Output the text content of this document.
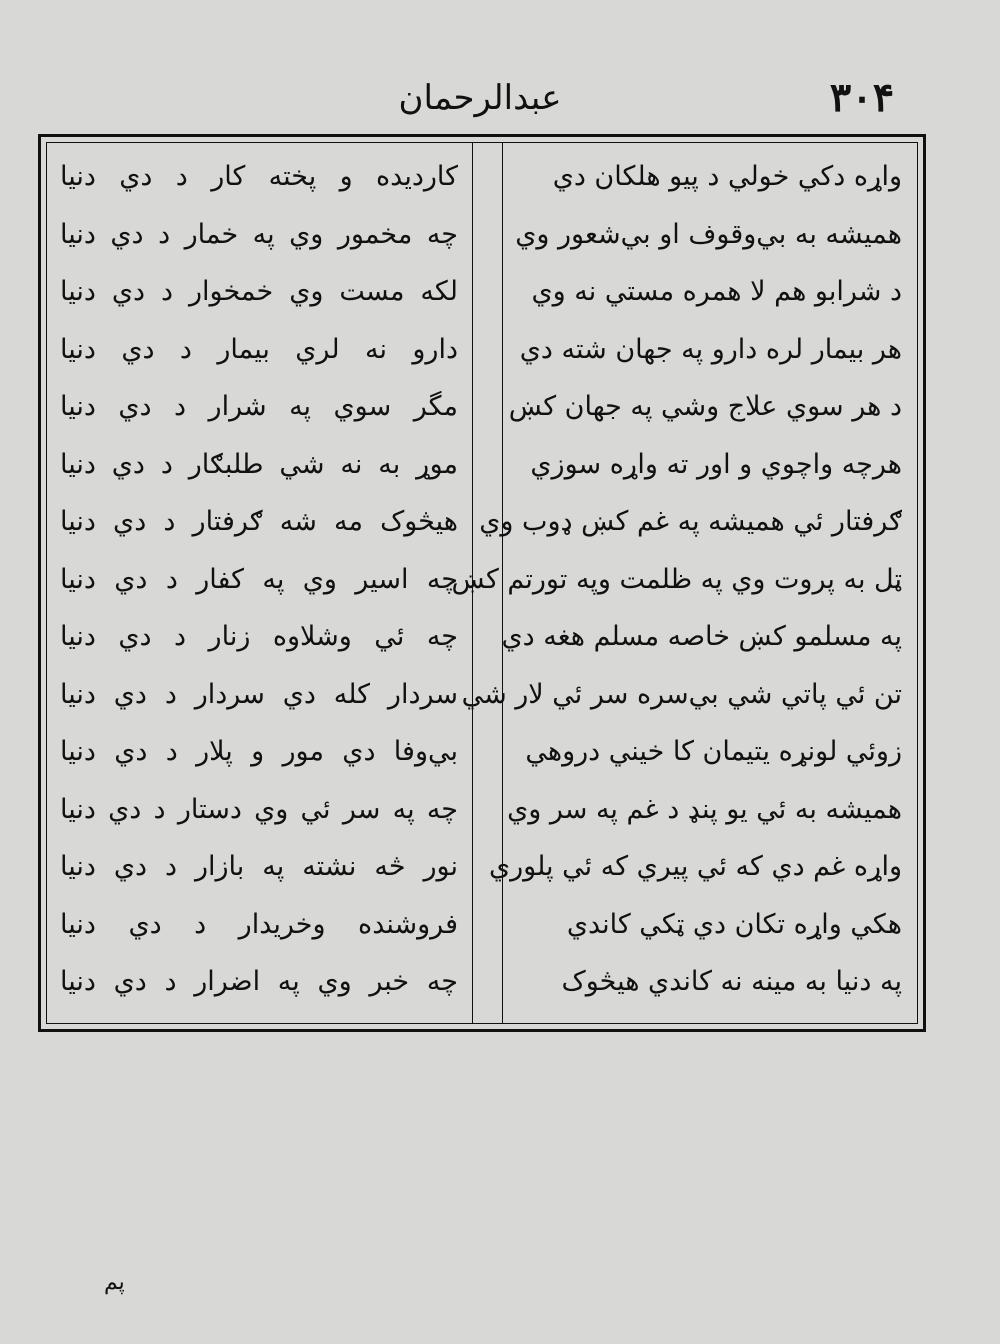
۳۰۴
عبدالرحمان
واړه دکي خولي د پيو هلکان دي
هميشه به بي‌وقوف او بي‌شعور وي
د شرابو هم لا همره مستي نه وي
هر بيمار لره دارو په جهان شته دي
د هر سوي علاج وشي په جهان کښ
هرچه واچوي و اور ته واړه سوزي
ګرفتار ئي هميشه په غم کښ ډوب وي
ټل به پروت وي په ظلمت وپه تورتم کښ
په مسلمو کښ خاصه مسلم هغه دي
تن ئي پاتي شي بي‌سره سر ئي لار شي
زوئي لونړه يتيمان کا خيني دروهي
هميشه به ئي يو پنډ د غم په سر وي
واړه غم دي که ئي پيري که ئي پلوري
هکي واړه تکان دي ټکي کاندي
په دنيا به مينه نه کاندي هيڅوک
کاردیده و پخته کار د دي دنيا
چه مخمور وي په خمار د دي دنيا
لکه مست وي خمخوار د دي دنيا
دارو نه لري بيمار د دي دنيا
مگر سوي په شرار د دي دنيا
موړ به نه شي طلبګار د دي دنيا
هيڅوک مه شه ګرفتار د دي دنيا
چه اسير وي په کفار د دي دنيا
چه ئي وشلاوه زنار د دي دنيا
سردار کله دي سردار د دي دنيا
بي‌وفا دي مور و پلار د دي دنيا
چه په سر ئي وي دستار د دي دنيا
نور څه نشته په بازار د دي دنيا
فروشنده وخريدار د دي دنيا
چه خبر وي په اضرار د دي دنيا
پم
